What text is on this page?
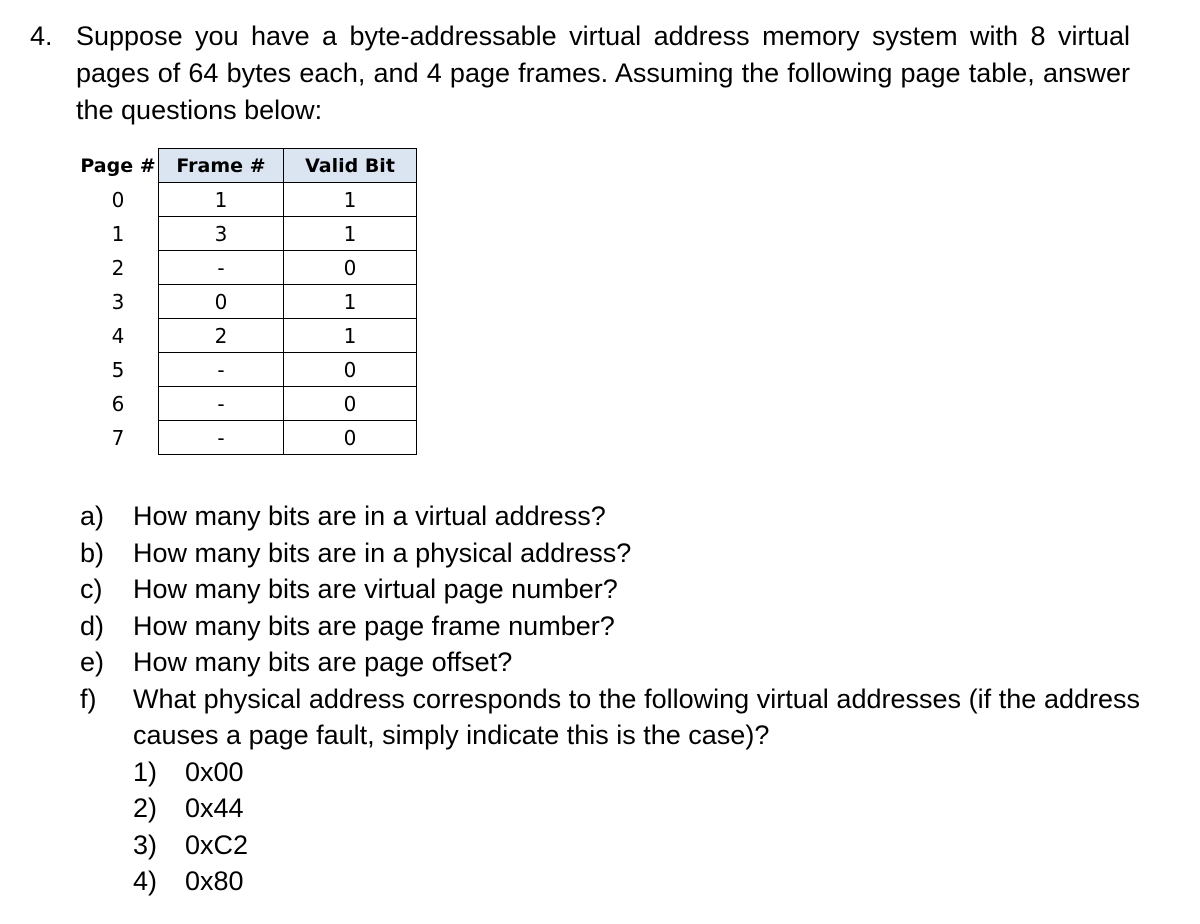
4. Suppose you have a byte-addressable virtual address memory system with 8 virtual pages of 64 bytes each, and 4 page frames. Assuming the following page table, answer the questions below:
Page #	Frame #	Valid Bit
0	1	1
1	3	1
2	-	0
3	0	1
4	2	1
5	-	0
6	-	0
7	-	0
a) How many bits are in a virtual address?
b) How many bits are in a physical address?
c) How many bits are virtual page number?
d) How many bits are page frame number?
e) How many bits are page offset?
f) What physical address corresponds to the following virtual addresses (if the address causes a page fault, simply indicate this is the case)?
1) 0x00
2) 0x44
3) 0xC2
4) 0x80
